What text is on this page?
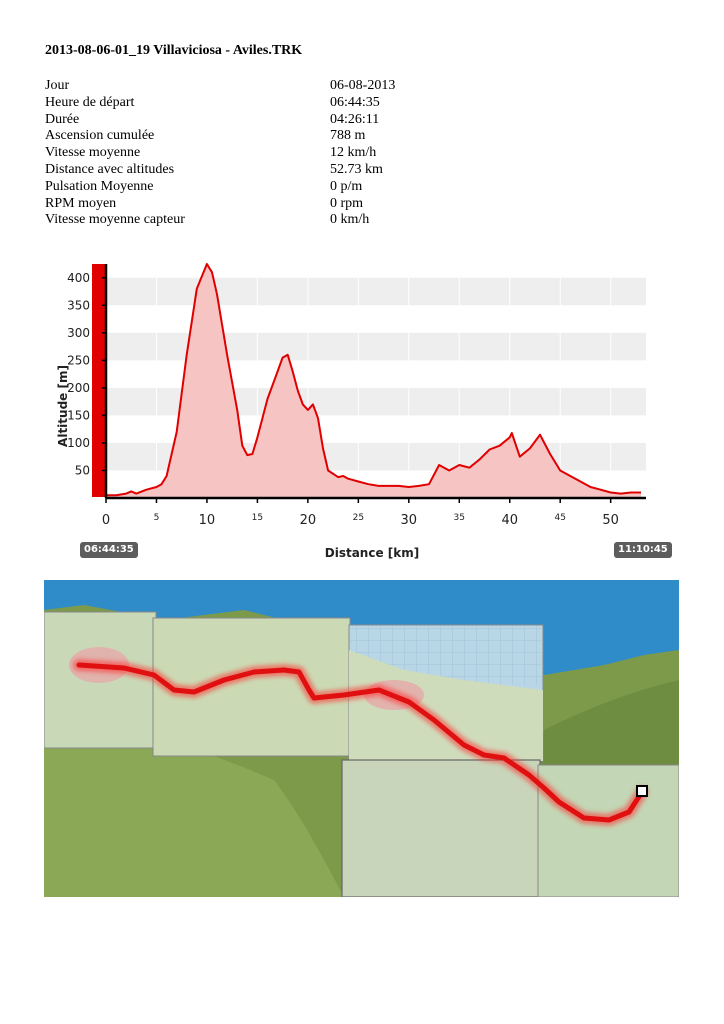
2013-08-06-01_19 Villaviciosa - Aviles.TRK
Jour	06-08-2013
Heure de départ	06:44:35
Durée	04:26:11
Ascension cumulée	788 m
Vitesse moyenne	12 km/h
Distance avec altitudes	52.73 km
Pulsation Moyenne	0 p/m
RPM moyen	0 rpm
Vitesse moyenne capteur	0 km/h
50
100
150
200
250
300
350
400
0	5	10	15	20	25	30	35	40	45	50
Altitude [m]
Distance [km]
06:44:35	11:10:45
